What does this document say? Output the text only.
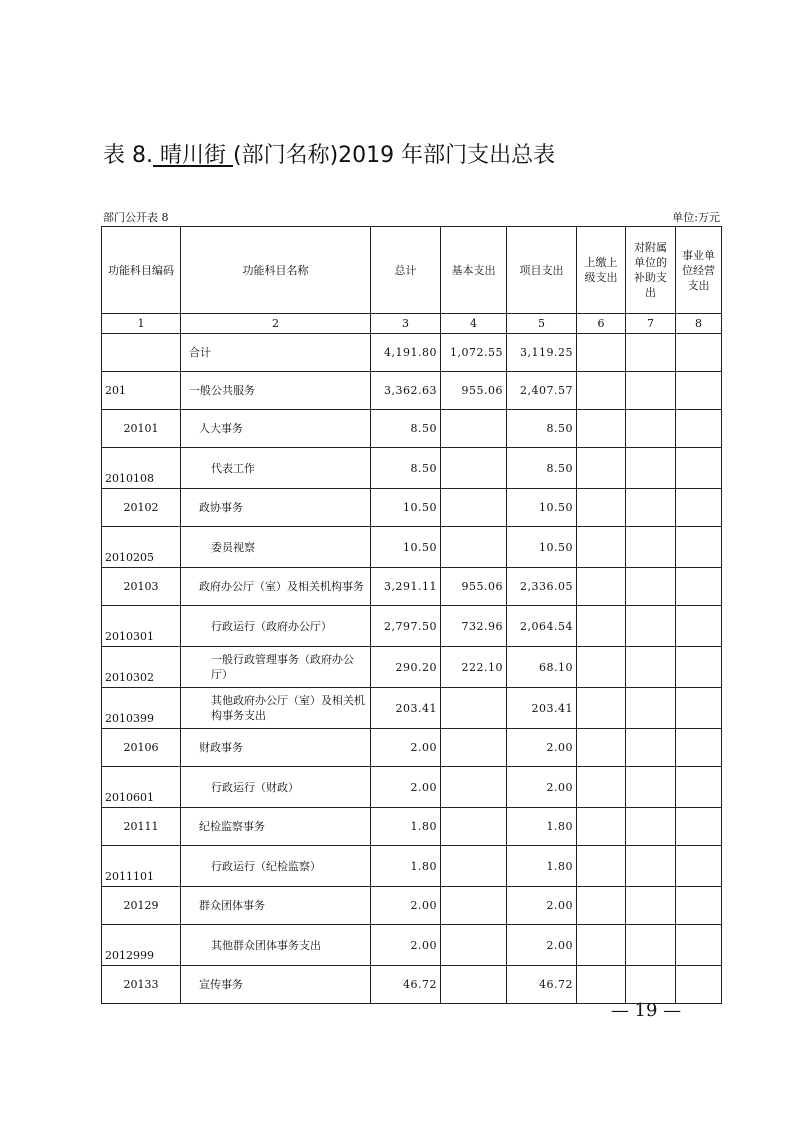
表 8. 晴川街 (部门名称)2019 年部门支出总表
部门公开表 8	单位:万元
功能科目编码	功能科目名称	总计	基本支出	项目支出	上缴上级支出	对附属单位的补助支出	事业单位经营支出
1	2	3	4	5	6	7	8
	合计	4,191.80	1,072.55	3,119.25			
201	一般公共服务	3,362.63	955.06	2,407.57			
20101	人大事务	8.50		8.50			
2010108	代表工作	8.50		8.50			
20102	政协事务	10.50		10.50			
2010205	委员视察	10.50		10.50			
20103	政府办公厅（室）及相关机构事务	3,291.11	955.06	2,336.05			
2010301	行政运行（政府办公厅）	2,797.50	732.96	2,064.54			
2010302	一般行政管理事务（政府办公厅）	290.20	222.10	68.10			
2010399	其他政府办公厅（室）及相关机构事务支出	203.41		203.41			
20106	财政事务	2.00		2.00			
2010601	行政运行（财政）	2.00		2.00			
20111	纪检监察事务	1.80		1.80			
2011101	行政运行（纪检监察）	1.80		1.80			
20129	群众团体事务	2.00		2.00			
2012999	其他群众团体事务支出	2.00		2.00			
20133	宣传事务	46.72		46.72			
— 19 —
